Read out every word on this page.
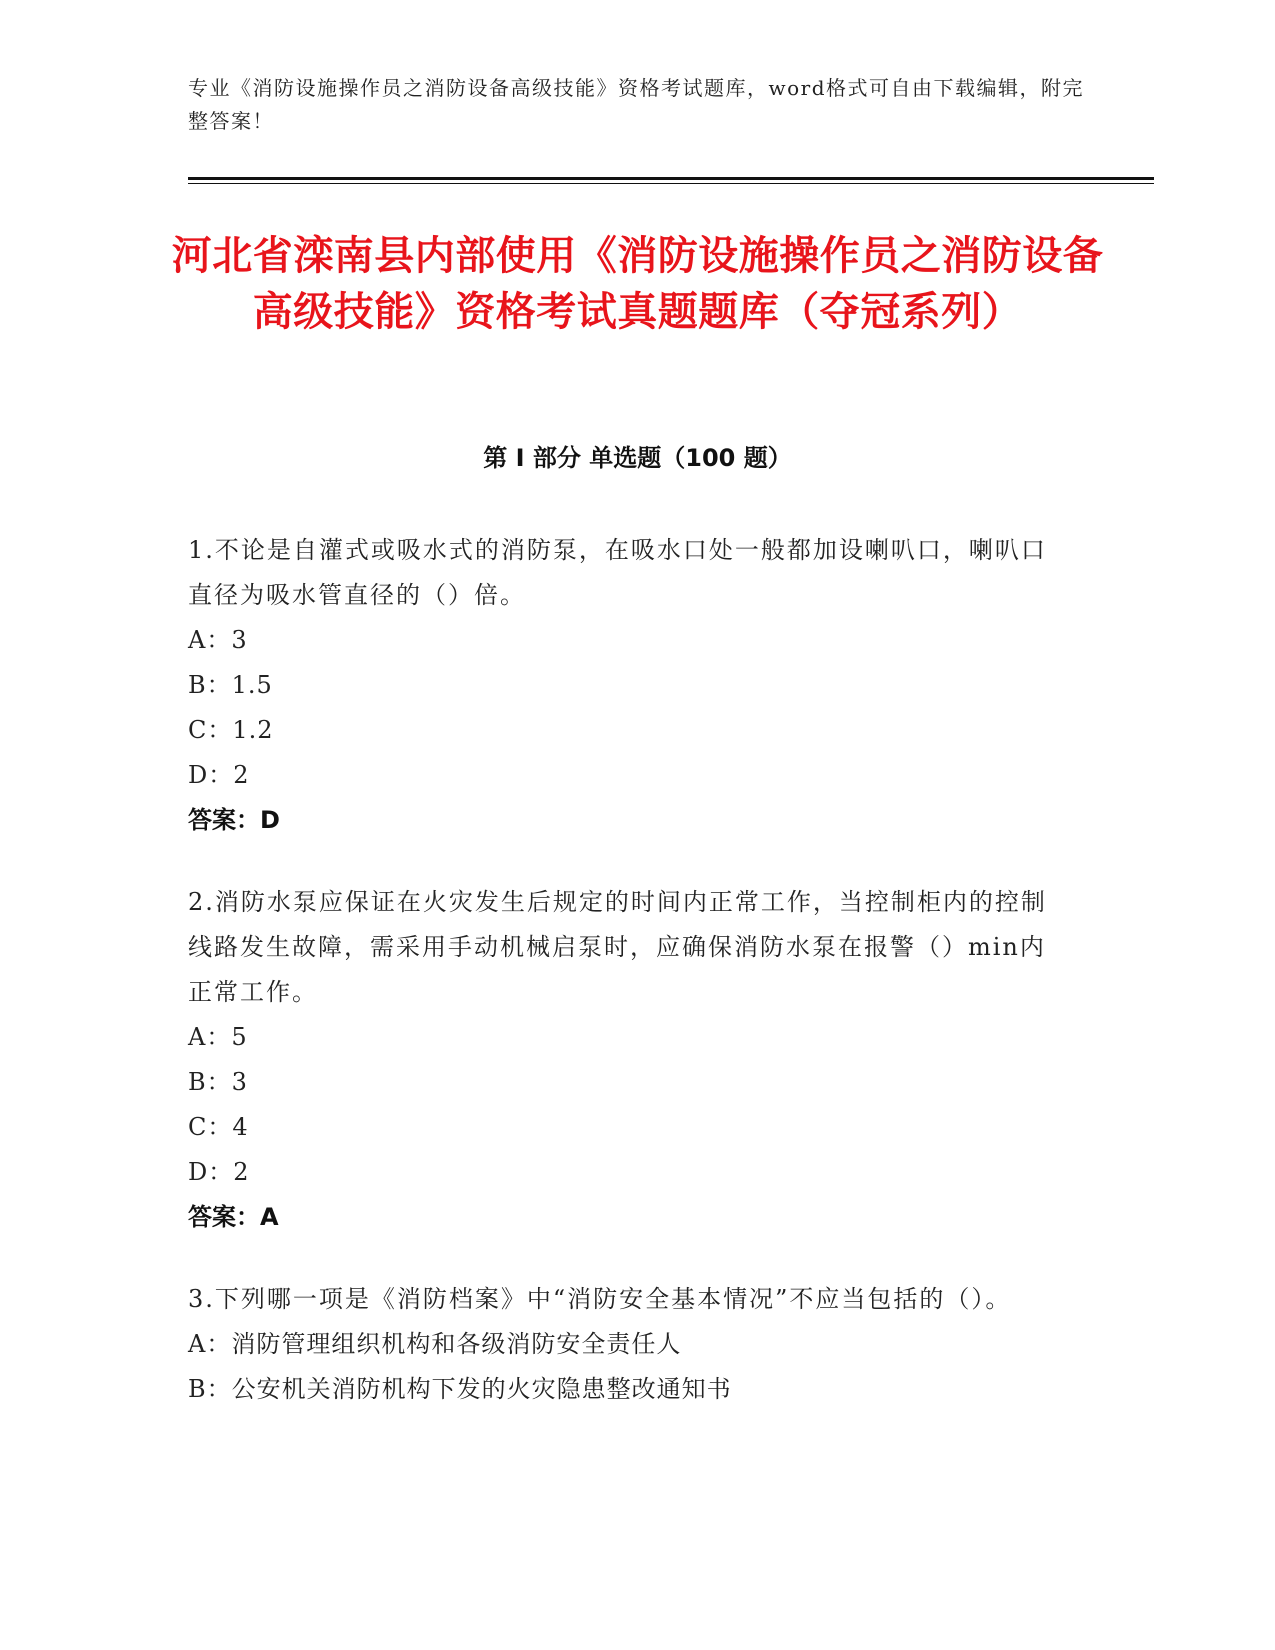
专业《消防设施操作员之消防设备高级技能》资格考试题库，word格式可自由下载编辑，附完整答案！
河北省滦南县内部使用《消防设施操作员之消防设备高级技能》资格考试真题题库（夺冠系列）
第 I 部分 单选题（100 题）
1.不论是自灌式或吸水式的消防泵，在吸水口处一般都加设喇叭口，喇叭口直径为吸水管直径的（）倍。
A：3
B：1.5
C：1.2
D：2
答案：D
2.消防水泵应保证在火灾发生后规定的时间内正常工作，当控制柜内的控制线路发生故障，需采用手动机械启泵时，应确保消防水泵在报警（）min内正常工作。
A：5
B：3
C：4
D：2
答案：A
3.下列哪一项是《消防档案》中“消防安全基本情况”不应当包括的（）。
A：消防管理组织机构和各级消防安全责任人
B：公安机关消防机构下发的火灾隐患整改通知书
